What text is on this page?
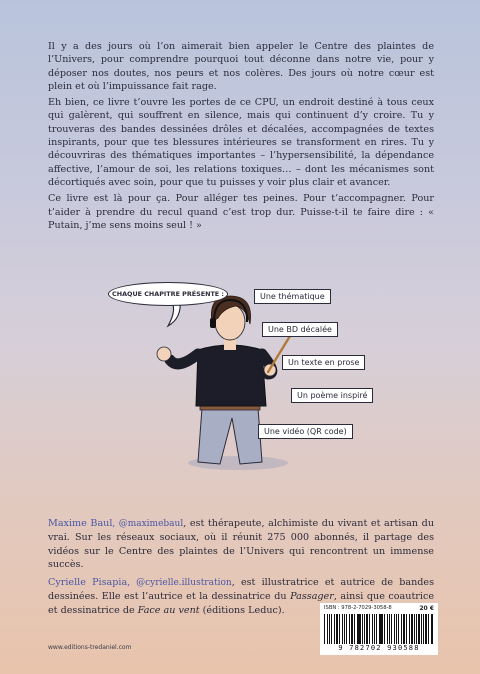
Il y a des jours où l’on aimerait bien appeler le Centre des plaintes de l’Univers, pour comprendre pourquoi tout déconne dans notre vie, pour y déposer nos doutes, nos peurs et nos colères. Des jours où notre cœur est plein et où l’impuissance fait rage.

Eh bien, ce livre t’ouvre les portes de ce CPU, un endroit destiné à tous ceux qui galèrent, qui souffrent en silence, mais qui continuent d’y croire. Tu y trouveras des bandes dessinées drôles et décalées, accompagnées de textes inspirants, pour que tes blessures intérieures se transforment en rires. Tu y découvriras des thématiques importantes – l’hypersensibilité, la dépendance affective, l’amour de soi, les relations toxiques… – dont les mécanismes sont décortiqués avec soin, pour que tu puisses y voir plus clair et avancer.

Ce livre est là pour ça. Pour alléger tes peines. Pour t’accompagner. Pour t’aider à prendre du recul quand c’est trop dur. Puisse-t-il te faire dire : « Putain, j’me sens moins seul ! »

CHAQUE CHAPITRE PRÉSENTE :	Une thématique
Une BD décalée
Un texte en prose
Un poème inspiré
Une vidéo (QR code)

Maxime Baul, @maximebaul, est thérapeute, alchimiste du vivant et artisan du vrai. Sur les réseaux sociaux, où il réunit 275 000 abonnés, il partage des vidéos sur le Centre des plaintes de l’Univers qui rencontrent un immense succès.

Cyrielle Pisapia, @cyrielle.illustration, est illustratrice et autrice de bandes dessinées. Elle est l’autrice et la dessinatrice du Passager, ainsi que coautrice et dessinatrice de Face au vent (éditions Leduc).	ISBN : 978-2-7029-3058-8	20 €
9 782702 930588
www.editions-tredaniel.com
